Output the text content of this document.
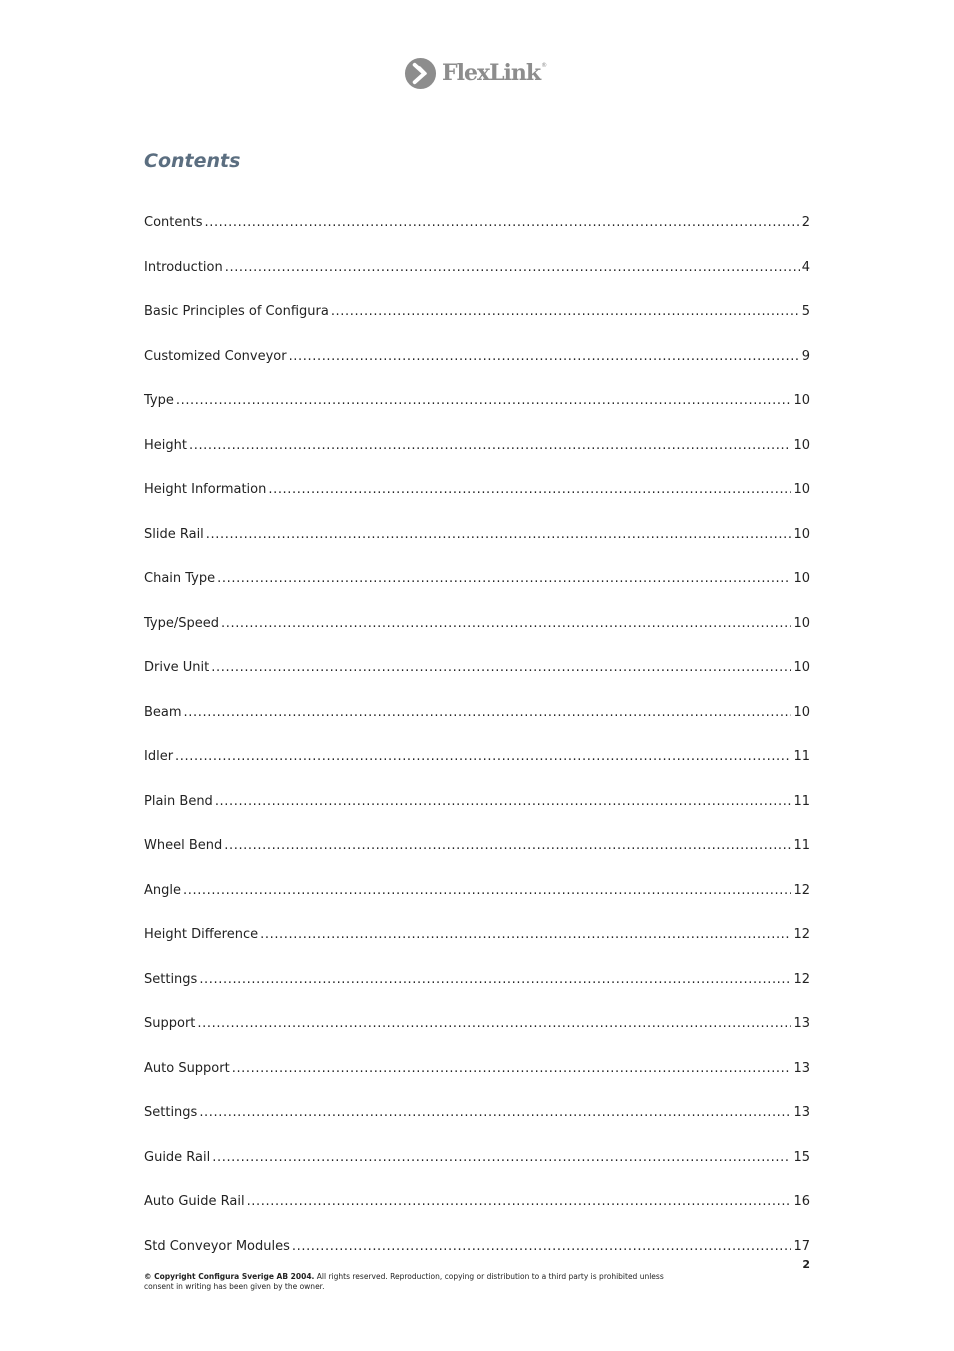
FlexLink ®
Contents
Contents .....	2
Introduction .....	4
Basic Principles of Configura .....	5
Customized Conveyor .....	9
Type .....	10
Height .....	10
Height Information .....	10
Slide Rail .....	10
Chain Type .....	10
Type/Speed .....	10
Drive Unit .....	10
Beam .....	10
Idler .....	11
Plain Bend .....	11
Wheel Bend .....	11
Angle .....	12
Height Difference .....	12
Settings .....	12
Support .....	13
Auto Support .....	13
Settings .....	13
Guide Rail .....	15
Auto Guide Rail .....	16
Std Conveyor Modules .....	17
2
© Copyright Configura Sverige AB 2004. All rights reserved. Reproduction, copying or distribution to a third party is prohibited unless
consent in writing has been given by the owner.
